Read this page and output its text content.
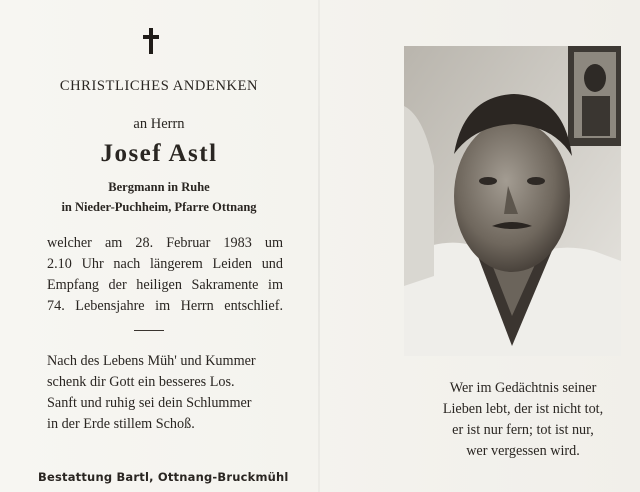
CHRISTLICHES ANDENKEN
an Herrn
Josef Astl
Bergmann in Ruhe
in Nieder-Puchheim, Pfarre Ottnang
welcher am 28. Februar 1983 um
2.10 Uhr nach längerem Leiden und
Empfang der heiligen Sakramente im
74. Lebensjahre im Herrn entschlief.
Nach des Lebens Müh' und Kummer
schenk dir Gott ein besseres Los.
Sanft und ruhig sei dein Schlummer
in der Erde stillem Schoß.
Bestattung Bartl, Ottnang-Bruckmühl
Wer im Gedächtnis seiner
Lieben lebt, der ist nicht tot,
er ist nur fern; tot ist nur,
wer vergessen wird.
